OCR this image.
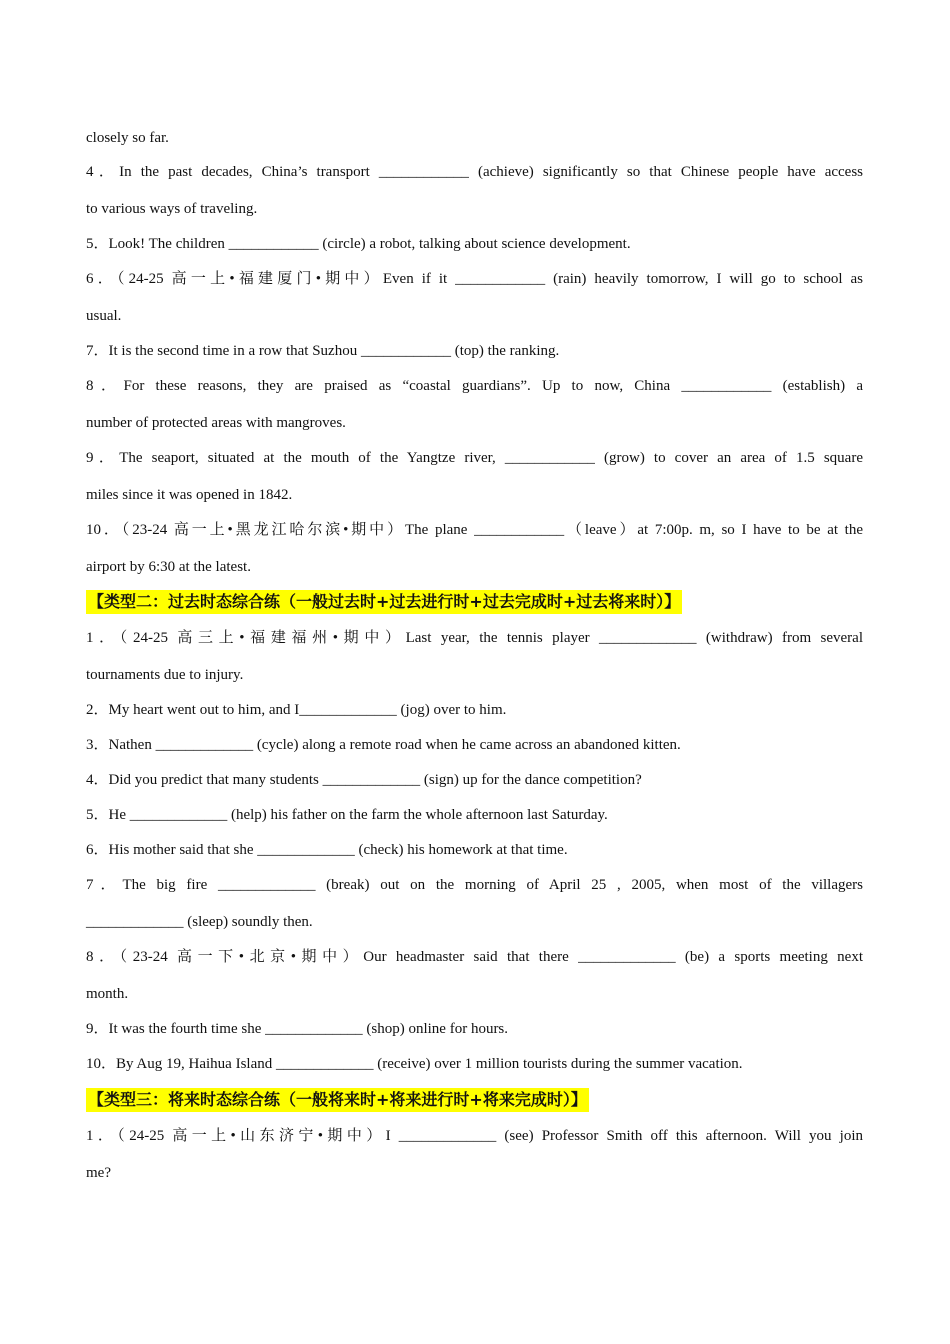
closely so far.
4．In the past decades, China’s transport ____________ (achieve) significantly so that Chinese people have access
to various ways of traveling.
5．Look! The children ____________ (circle) a robot, talking about science development.
6．（24-25 高一上•福建厦门•期中）Even if it ____________ (rain) heavily tomorrow, I will go to school as
usual.
7．It is the second time in a row that Suzhou ____________ (top) the ranking.
8．For these reasons, they are praised as “coastal guardians”. Up to now, China ____________ (establish) a
number of protected areas with mangroves.
9．The seaport, situated at the mouth of the Yangtze river, ____________ (grow) to cover an area of 1.5 square
miles since it was opened in 1842.
10．（23-24 高一上•黑龙江哈尔滨•期中）The plane ____________（leave）at 7:00p. m, so I have to be at the
airport by 6:30 at the latest.
1．（24-25 高三上•福建福州•期中）Last year, the tennis player _____________ (withdraw) from several
tournaments due to injury.
2．My heart went out to him, and I_____________ (jog) over to him.
3．Nathen _____________ (cycle) along a remote road when he came across an abandoned kitten.
4．Did you predict that many students _____________ (sign) up for the dance competition?
5．He _____________ (help) his father on the farm the whole afternoon last Saturday.
6．His mother said that she _____________ (check) his homework at that time.
7．The big fire _____________ (break) out on the morning of April 25 , 2005, when most of the villagers
_____________ (sleep) soundly then.
8．（23-24 高一下•北京•期中）Our headmaster said that there _____________ (be) a sports meeting next
month.
9．It was the fourth time she _____________ (shop) online for hours.
10．By Aug 19, Haihua Island _____________ (receive) over 1 million tourists during the summer vacation.
1．（24-25 高一上•山东济宁•期中）I _____________ (see) Professor Smith off this afternoon. Will you join
me?
【类型二：过去时态综合练（一般过去时+过去进行时+过去完成时+过去将来时）】
【类型三：将来时态综合练（一般将来时+将来进行时+将来完成时）】
